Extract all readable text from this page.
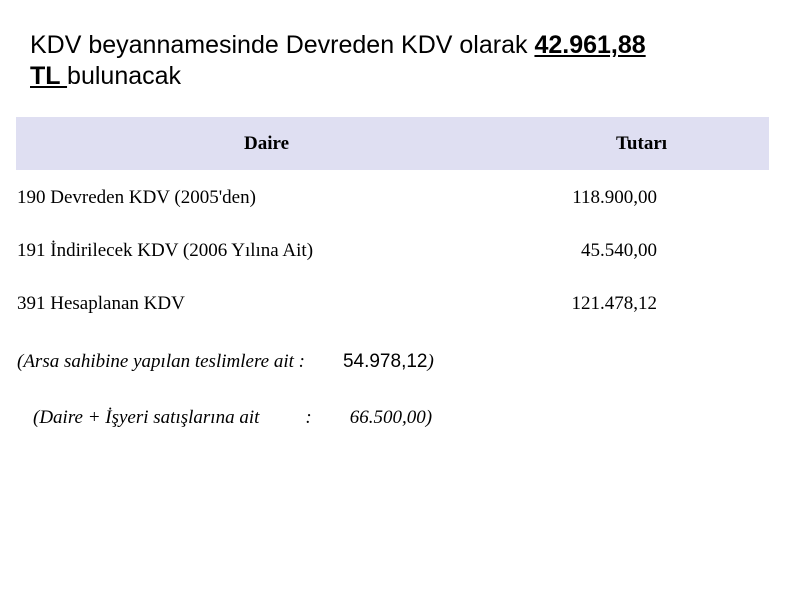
KDV beyannamesinde Devreden KDV olarak 42.961,88
TL bulunacak
Daire	Tutarı
190 Devreden KDV (2005'den)	118.900,00
191 İndirilecek KDV (2006 Yılına Ait)	45.540,00
391 Hesaplanan KDV	121.478,12
(Arsa sahibine yapılan teslimlere ait : 54.978,12)
(Daire + İşyeri satışlarına ait : 66.500,00)
